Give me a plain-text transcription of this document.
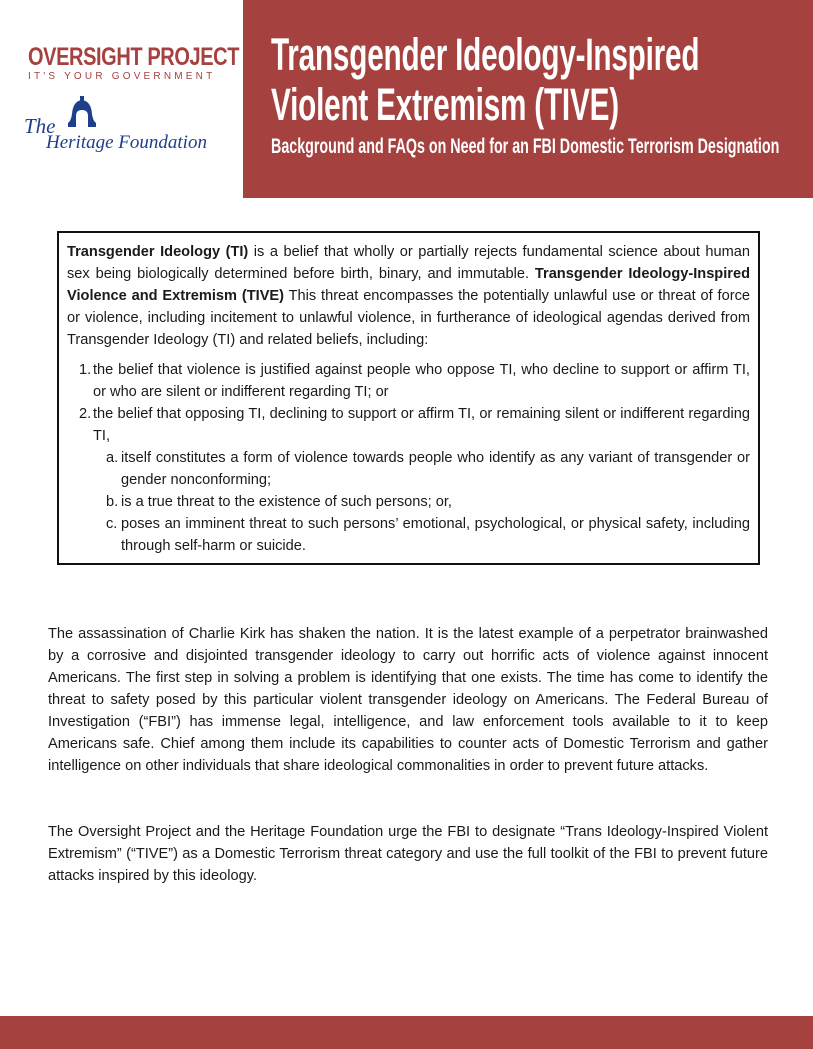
OVERSIGHT PROJECT
IT'S YOUR GOVERNMENT
The
Heritage Foundation
Transgender Ideology-Inspired
Violent Extremism (TIVE)
Background and FAQs on Need for an FBI Domestic Terrorism Designation

Transgender Ideology (TI) is a belief that wholly or partially rejects fundamental science about human sex being biologically determined before birth, binary, and immutable. Transgender Ideology-Inspired Violence and Extremism (TIVE) This threat encompasses the potentially unlawful use or threat of force or violence, including incitement to unlawful violence, in furtherance of ideological agendas derived from Transgender Ideology (TI) and related beliefs, including:

1. the belief that violence is justified against people who oppose TI, who decline to support or affirm TI, or who are silent or indifferent regarding TI; or
2. the belief that opposing TI, declining to support or affirm TI, or remaining silent or indifferent regarding TI,
a. itself constitutes a form of violence towards people who identify as any variant of transgender or gender nonconforming;
b. is a true threat to the existence of such persons; or,
c. poses an imminent threat to such persons’ emotional, psychological, or physical safety, including through self-harm or suicide.

The assassination of Charlie Kirk has shaken the nation. It is the latest example of a perpetrator brainwashed by a corrosive and disjointed transgender ideology to carry out horrific acts of violence against innocent Americans. The first step in solving a problem is identifying that one exists. The time has come to identify the threat to safety posed by this particular violent transgender ideology on Americans. The Federal Bureau of Investigation (“FBI”) has immense legal, intelligence, and law enforcement tools available to it to keep Americans safe. Chief among them include its capabilities to counter acts of Domestic Terrorism and gather intelligence on other individuals that share ideological commonalities in order to prevent future attacks.

The Oversight Project and the Heritage Foundation urge the FBI to designate “Trans Ideology-Inspired Violent Extremism” (“TIVE”) as a Domestic Terrorism threat category and use the full toolkit of the FBI to prevent future attacks inspired by this ideology.
